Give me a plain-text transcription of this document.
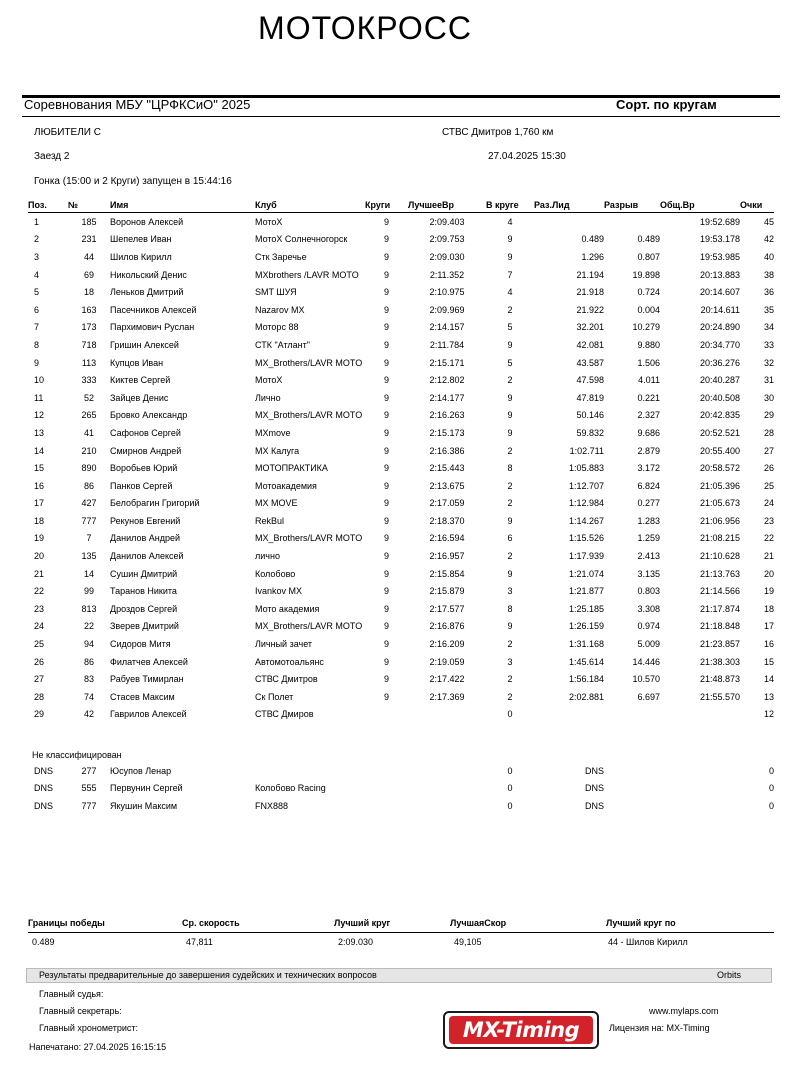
МОТОКРОСС
Соревнования МБУ "ЦРФКСиО" 2025	Сорт. по кругам
ЛЮБИТЕЛИ С	СТВС Дмитров 1,760 км
Заезд 2	27.04.2025 15:30
Гонка (15:00 и 2 Круги) запущен в 15:44:16
Поз.	№	Имя	Клуб	Круги	ЛучшееВр	В круге	Раз.Лид	Разрыв	Общ.Вр	Очки
1	185	Воронов Алексей	МотоX	9	2:09.403	4			19:52.689	45
2	231	Шепелев Иван	МотоX Солнечногорск	9	2:09.753	9	0.489	0.489	19:53.178	42
3	44	Шилов Кирилл	Стк Заречье	9	2:09.030	9	1.296	0.807	19:53.985	40
4	69	Никольский Денис	MXbrothers /LAVR MOTO	9	2:11.352	7	21.194	19.898	20:13.883	38
5	18	Леньков Дмитрий	SMT ШУЯ	9	2:10.975	4	21.918	0.724	20:14.607	36
6	163	Пасечников Алексей	Nazarov MX	9	2:09.969	2	21.922	0.004	20:14.611	35
7	173	Пархимович Руслан	Моторс 88	9	2:14.157	5	32.201	10.279	20:24.890	34
8	718	Гришин Алексей	СТК "Атлант"	9	2:11.784	9	42.081	9.880	20:34.770	33
9	113	Купцов Иван	MX_Brothers/LAVR MOTO	9	2:15.171	5	43.587	1.506	20:36.276	32
10	333	Киктев Сергей	МотоX	9	2:12.802	2	47.598	4.011	20:40.287	31
11	52	Зайцев Денис	Лично	9	2:14.177	9	47.819	0.221	20:40.508	30
12	265	Бровко Александр	MX_Brothers/LAVR MOTO	9	2:16.263	9	50.146	2.327	20:42.835	29
13	41	Сафонов Сергей	MXmove	9	2:15.173	9	59.832	9.686	20:52.521	28
14	210	Смирнов Андрей	МХ Калуга	9	2:16.386	2	1:02.711	2.879	20:55.400	27
15	890	Воробьев Юрий	МОТОПРАКТИКА	9	2:15.443	8	1:05.883	3.172	20:58.572	26
16	86	Панков Сергей	Мотоакадемия	9	2:13.675	2	1:12.707	6.824	21:05.396	25
17	427	Белобрагин Григорий	MX MOVE	9	2:17.059	2	1:12.984	0.277	21:05.673	24
18	777	Рекунов Евгений	RekBul	9	2:18.370	9	1:14.267	1.283	21:06.956	23
19	7	Данилов Андрей	MX_Brothers/LAVR MOTO	9	2:16.594	6	1:15.526	1.259	21:08.215	22
20	135	Данилов Алексей	лично	9	2:16.957	2	1:17.939	2.413	21:10.628	21
21	14	Сушин Дмитрий	Колобово	9	2:15.854	9	1:21.074	3.135	21:13.763	20
22	99	Таранов Никита	Ivankov MX	9	2:15.879	3	1:21.877	0.803	21:14.566	19
23	813	Дроздов Сергей	Мото академия	9	2:17.577	8	1:25.185	3.308	21:17.874	18
24	22	Зверев Дмитрий	MX_Brothers/LAVR MOTO	9	2:16.876	9	1:26.159	0.974	21:18.848	17
25	94	Сидоров Митя	Личный зачет	9	2:16.209	2	1:31.168	5.009	21:23.857	16
26	86	Филатчев Алексей	Автомотоальянс	9	2:19.059	3	1:45.614	14.446	21:38.303	15
27	83	Рабуев Тимирлан	СТВС Дмитров	9	2:17.422	2	1:56.184	10.570	21:48.873	14
28	74	Стасев Максим	Ск Полет	9	2:17.369	2	2:02.881	6.697	21:55.570	13
29	42	Гаврилов Алексей	СТВС Дмиров			0				12
Не классифицирован
DNS	277	Юсупов Ленар				0	DNS			0
DNS	555	Первунин Сергей	Колобово Racing			0	DNS			0
DNS	777	Якушин Максим	FNX888			0	DNS			0
Границы победы	Ср. скорость	Лучший круг	ЛучшаяСкор	Лучший круг по
0.489	47,811	2:09.030	49,105	44 - Шилов Кирилл
Результаты предварительные до завершения судейских и технических вопросов	Orbits
Главный судья:
Главный секретарь:
Главный хронометрист:
Напечатано: 27.04.2025 16:15:15
www.mylaps.com
Лицензия на: MX-Timing
MX-Timing
